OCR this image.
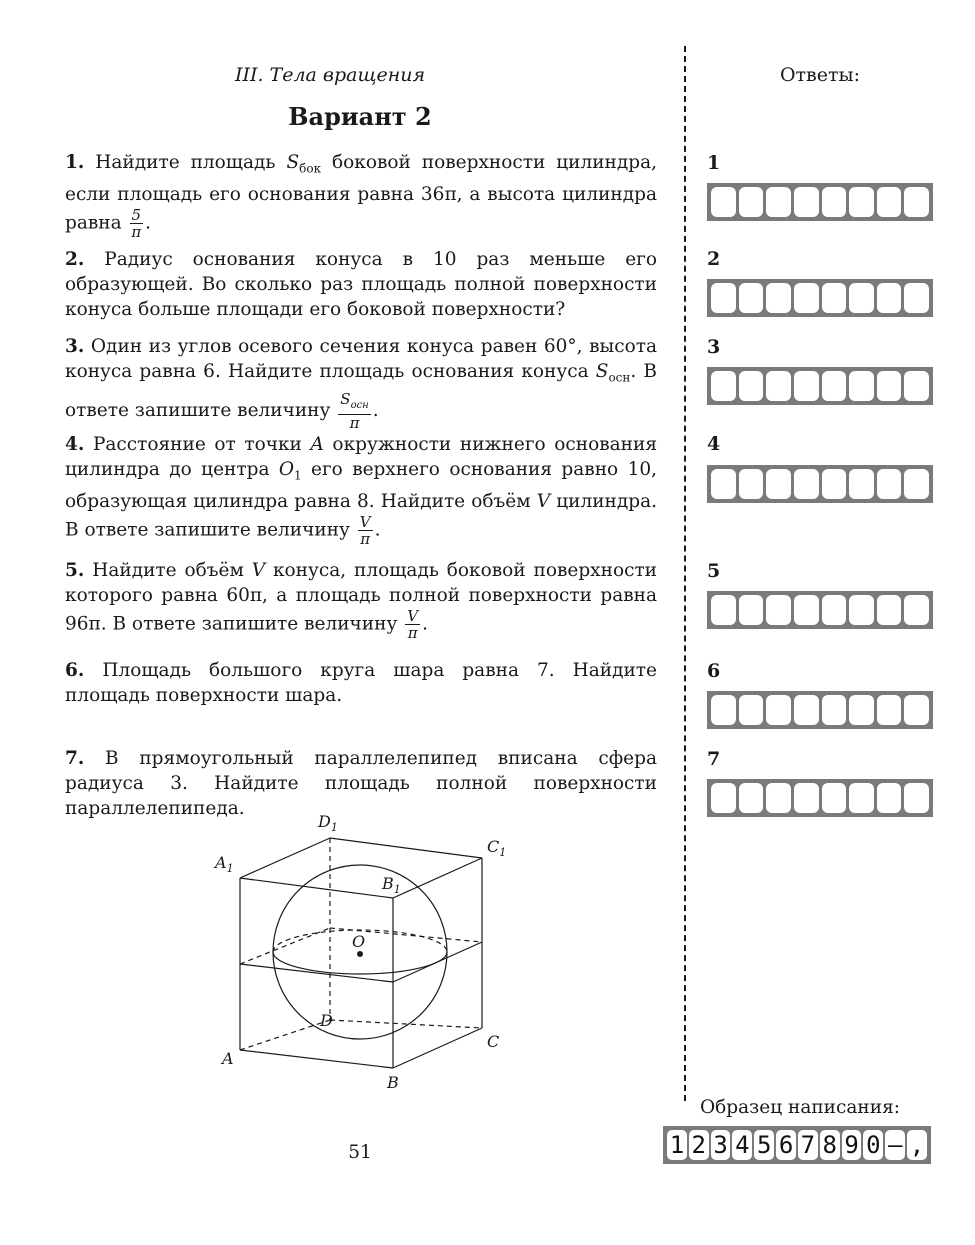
III. Тела вращения
Вариант 2
Ответы:
1. Найдите площадь $S_{бок}$ боковой поверхности цилиндра, если площадь его основания равна 36π, а высота цилиндра равна $\frac{5}{\pi}$ .
2. Радиус основания конуса в 10 раз меньше его образующей. Во сколько раз площадь полной поверхности конуса больше площади его боковой поверхности?
3. Один из углов осевого сечения конуса равен 60°, высота конуса равна 6. Найдите площадь основания конуса $S_{осн}$. В ответе запишите величину $\frac{S_{осн}}{\pi}$ .
4. Расстояние от точки A окружности нижнего основания цилиндра до центра $O_1$ его верхнего основания равно 10, образующая цилиндра равна 8. Найдите объём V цилиндра. В ответе запишите величину $\frac{V}{\pi}$ .
5. Найдите объём V конуса, площадь боковой поверхности которого равна 60π, а площадь полной поверхности равна 96π. В ответе запишите величину $\frac{V}{\pi}$ .
6. Площадь большого круга шара равна 7. Найдите площадь поверхности шара.
7. В прямоугольный параллелепипед вписана сфера радиуса 3. Найдите площадь полной поверхности параллелепипеда.
O
$D_1$
$A_1$
$C_1$
$B_1$
D
A
C
B
1
2
3
4
5
6
7
Образец написания:
1 2 3 4 5 6 7 8 9 0 – ,
51
